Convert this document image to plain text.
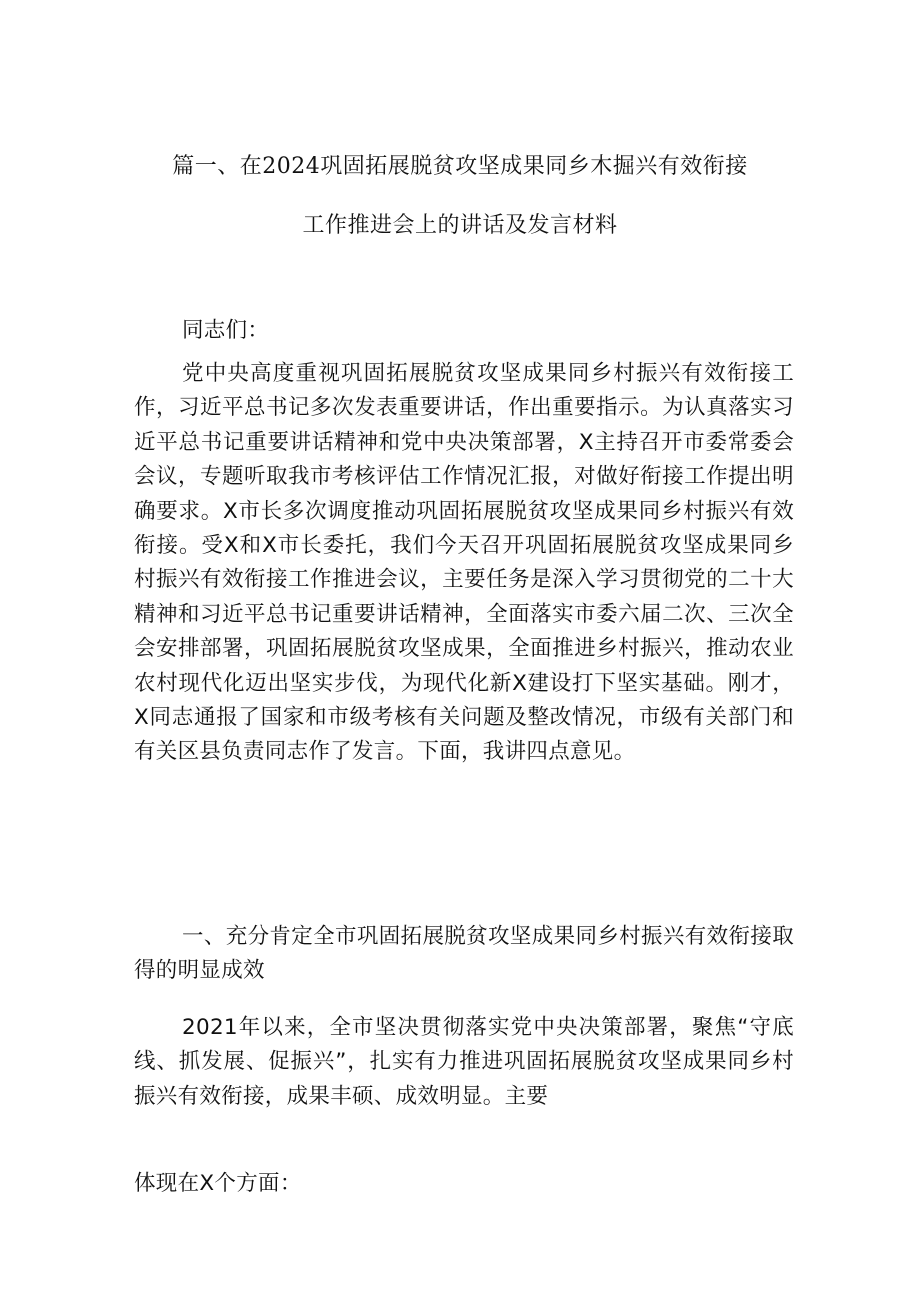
篇一、在2024巩固拓展脱贫攻坚成果同乡木掘兴有效衔接
工作推进会上的讲话及发言材料
同志们：
党中央高度重视巩固拓展脱贫攻坚成果同乡村振兴有效衔接工作，习近平总书记多次发表重要讲话，作出重要指示。为认真落实习近平总书记重要讲话精神和党中央决策部署，X主持召开市委常委会会议，专题听取我市考核评估工作情况汇报，对做好衔接工作提出明确要求。X市长多次调度推动巩固拓展脱贫攻坚成果同乡村振兴有效衔接。受X和X市长委托，我们今天召开巩固拓展脱贫攻坚成果同乡村振兴有效衔接工作推进会议，主要任务是深入学习贯彻党的二十大精神和习近平总书记重要讲话精神，全面落实市委六届二次、三次全会安排部署，巩固拓展脱贫攻坚成果，全面推进乡村振兴，推动农业农村现代化迈出坚实步伐，为现代化新X建设打下坚实基础。刚才，X同志通报了国家和市级考核有关问题及整改情况，市级有关部门和有关区县负责同志作了发言。下面，我讲四点意见。
一、充分肯定全市巩固拓展脱贫攻坚成果同乡村振兴有效衔接取得的明显成效
2021年以来，全市坚决贯彻落实党中央决策部署，聚焦“守底线、抓发展、促振兴”，扎实有力推进巩固拓展脱贫攻坚成果同乡村振兴有效衔接，成果丰硕、成效明显。主要
体现在X个方面：
